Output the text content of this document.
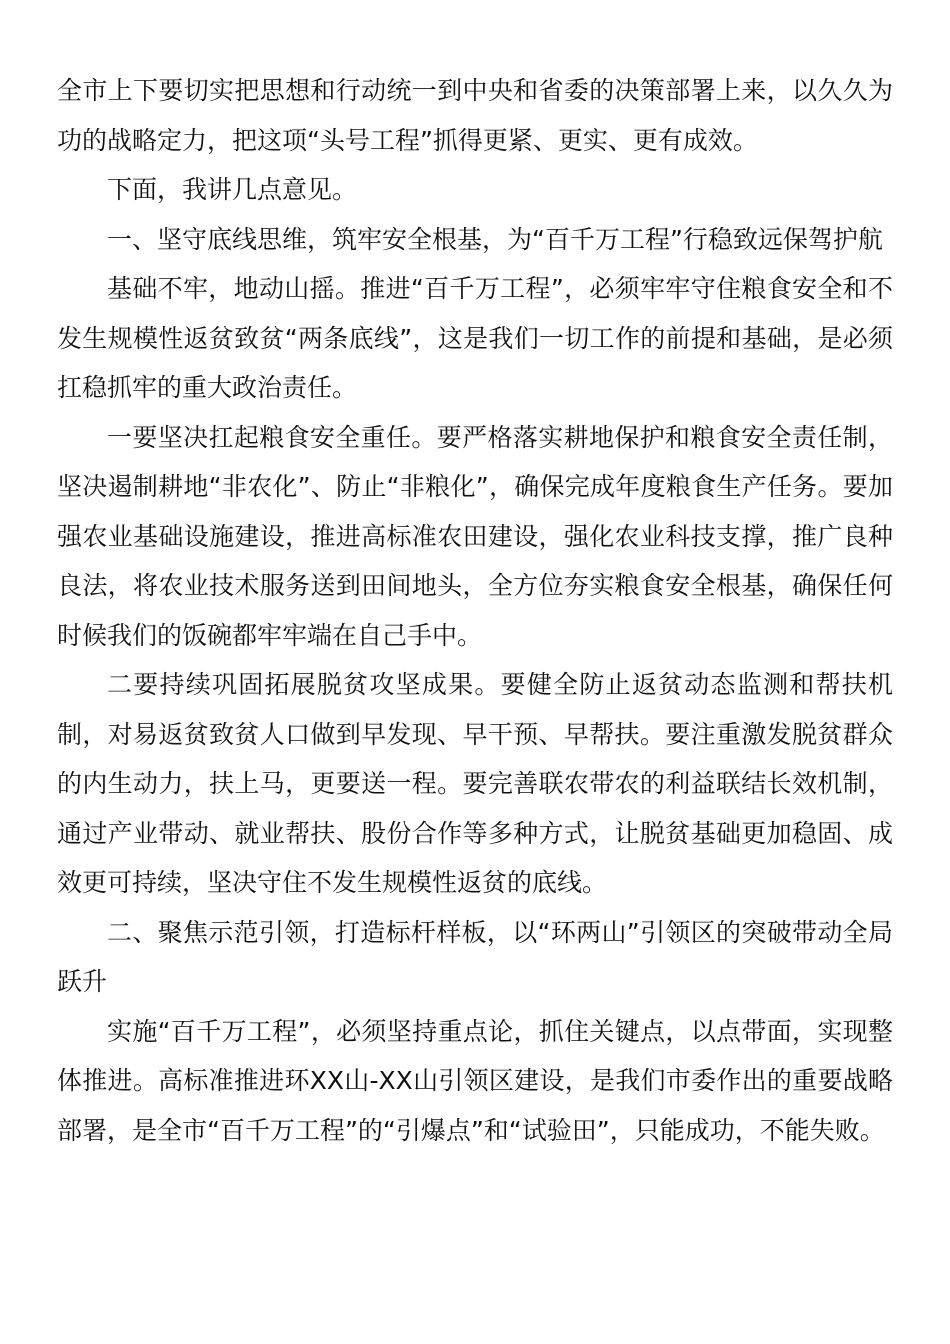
全市上下要切实把思想和行动统一到中央和省委的决策部署上来，以久久为功的战略定力，把这项“头号工程”抓得更紧、更实、更有成效。

下面，我讲几点意见。

一、坚守底线思维，筑牢安全根基，为“百千万工程”行稳致远保驾护航

基础不牢，地动山摇。推进“百千万工程”，必须牢牢守住粮食安全和不发生规模性返贫致贫“两条底线”，这是我们一切工作的前提和基础，是必须扛稳抓牢的重大政治责任。

一要坚决扛起粮食安全重任。要严格落实耕地保护和粮食安全责任制，坚决遏制耕地“非农化”、防止“非粮化”，确保完成年度粮食生产任务。要加强农业基础设施建设，推进高标准农田建设，强化农业科技支撑，推广良种良法，将农业技术服务送到田间地头，全方位夯实粮食安全根基，确保任何时候我们的饭碗都牢牢端在自己手中。

二要持续巩固拓展脱贫攻坚成果。要健全防止返贫动态监测和帮扶机制，对易返贫致贫人口做到早发现、早干预、早帮扶。要注重激发脱贫群众的内生动力，扶上马，更要送一程。要完善联农带农的利益联结长效机制，通过产业带动、就业帮扶、股份合作等多种方式，让脱贫基础更加稳固、成效更可持续，坚决守住不发生规模性返贫的底线。

二、聚焦示范引领，打造标杆样板，以“环两山”引领区的突破带动全局跃升

实施“百千万工程”，必须坚持重点论，抓住关键点，以点带面，实现整体推进。高标准推进环XX山-XX山引领区建设，是我们市委作出的重要战略部署，是全市“百千万工程”的“引爆点”和“试验田”，只能成功，不能失败。
